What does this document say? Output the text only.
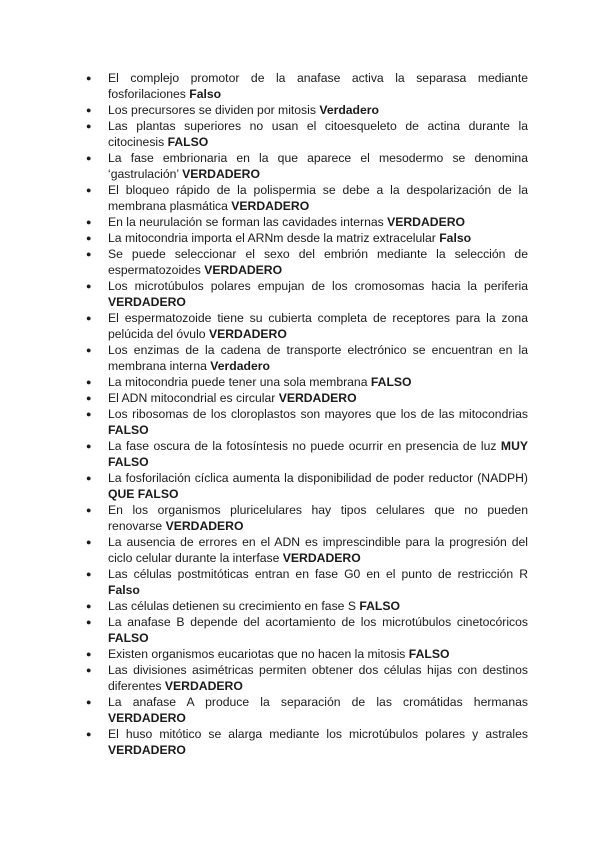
● El complejo promotor de la anafase activa la separasa mediante fosforilaciones Falso
● Los precursores se dividen por mitosis Verdadero
● Las plantas superiores no usan el citoesqueleto de actina durante la citocinesis FALSO
● La fase embrionaria en la que aparece el mesodermo se denomina ‘gastrulación’ VERDADERO
● El bloqueo rápido de la polispermia se debe a la despolarización de la membrana plasmática VERDADERO
● En la neurulación se forman las cavidades internas VERDADERO
● La mitocondria importa el ARNm desde la matriz extracelular Falso
● Se puede seleccionar el sexo del embrión mediante la selección de espermatozoides VERDADERO
● Los microtúbulos polares empujan de los cromosomas hacia la periferia VERDADERO
● El espermatozoide tiene su cubierta completa de receptores para la zona pelúcida del óvulo VERDADERO
● Los enzimas de la cadena de transporte electrónico se encuentran en la membrana interna Verdadero
● La mitocondria puede tener una sola membrana FALSO
● El ADN mitocondrial es circular VERDADERO
● Los ribosomas de los cloroplastos son mayores que los de las mitocondrias FALSO
● La fase oscura de la fotosíntesis no puede ocurrir en presencia de luz MUY FALSO
● La fosforilación cíclica aumenta la disponibilidad de poder reductor (NADPH) QUE FALSO
● En los organismos pluricelulares hay tipos celulares que no pueden renovarse VERDADERO
● La ausencia de errores en el ADN es imprescindible para la progresión del ciclo celular durante la interfase VERDADERO
● Las células postmitóticas entran en fase G0 en el punto de restricción R Falso
● Las células detienen su crecimiento en fase S FALSO
● La anafase B depende del acortamiento de los microtúbulos cinetocóricos FALSO
● Existen organismos eucariotas que no hacen la mitosis FALSO
● Las divisiones asimétricas permiten obtener dos células hijas con destinos diferentes VERDADERO
● La anafase A produce la separación de las cromátidas hermanas VERDADERO
● El huso mitótico se alarga mediante los microtúbulos polares y astrales VERDADERO
